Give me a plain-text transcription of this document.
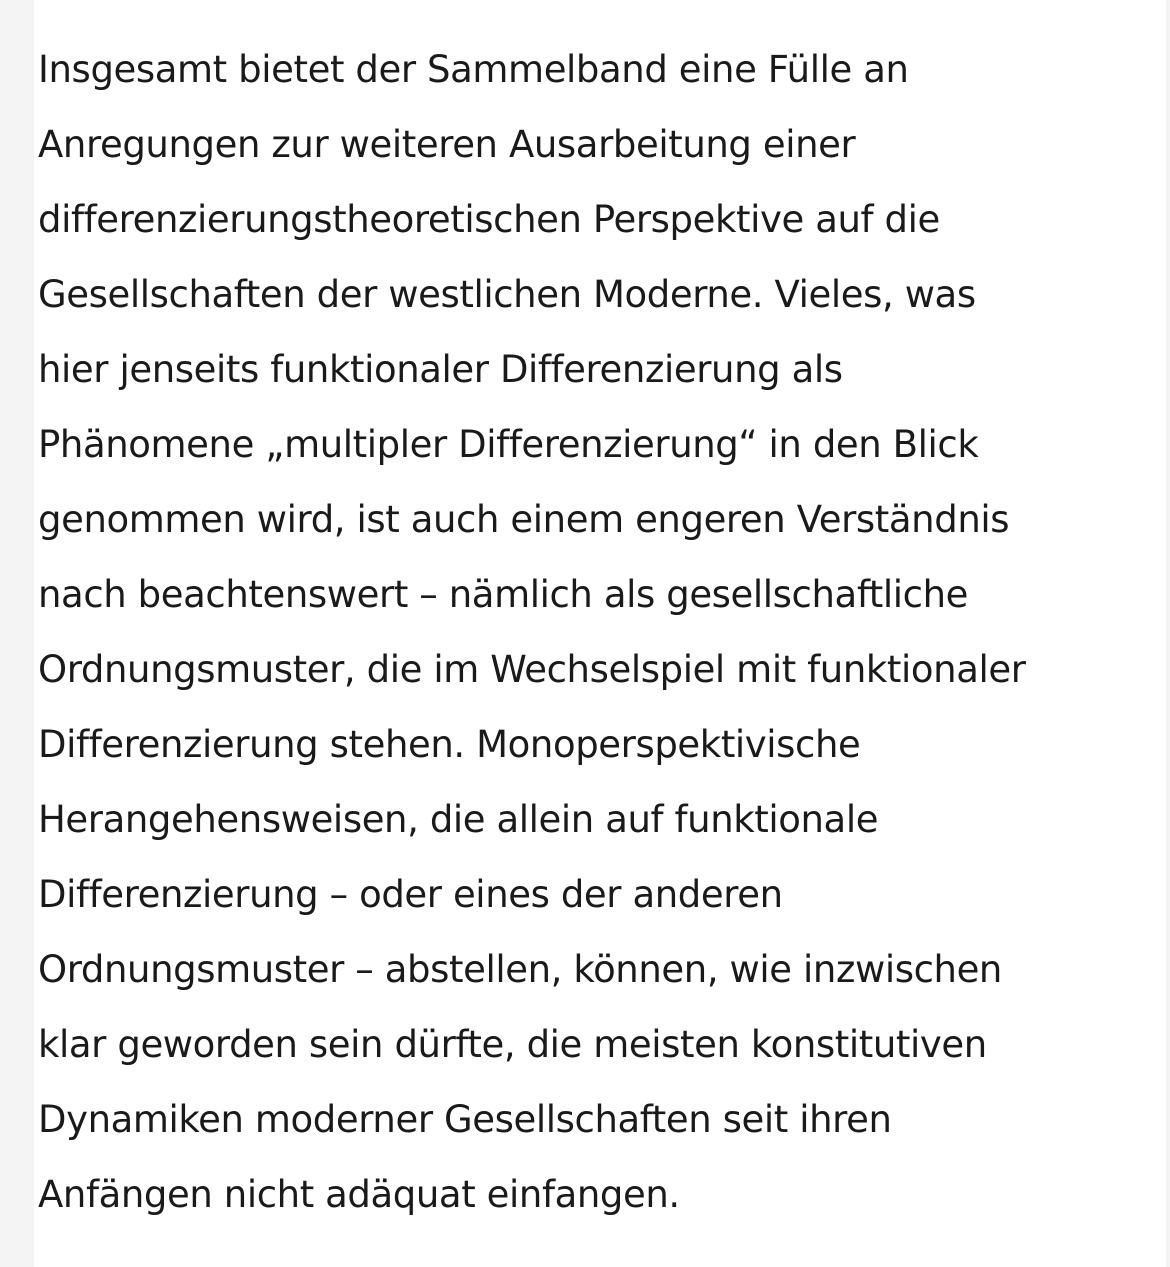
Insgesamt bietet der Sammelband eine Fülle an
Anregungen zur weiteren Ausarbeitung einer
differenzierungstheoretischen Perspektive auf die
Gesellschaften der westlichen Moderne. Vieles, was
hier jenseits funktionaler Differenzierung als
Phänomene „multipler Differenzierung“ in den Blick
genommen wird, ist auch einem engeren Verständnis
nach beachtenswert – nämlich als gesellschaftliche
Ordnungsmuster, die im Wechselspiel mit funktionaler
Differenzierung stehen. Monoperspektivische
Herangehensweisen, die allein auf funktionale
Differenzierung – oder eines der anderen
Ordnungsmuster – abstellen, können, wie inzwischen
klar geworden sein dürfte, die meisten konstitutiven
Dynamiken moderner Gesellschaften seit ihren
Anfängen nicht adäquat einfangen.
